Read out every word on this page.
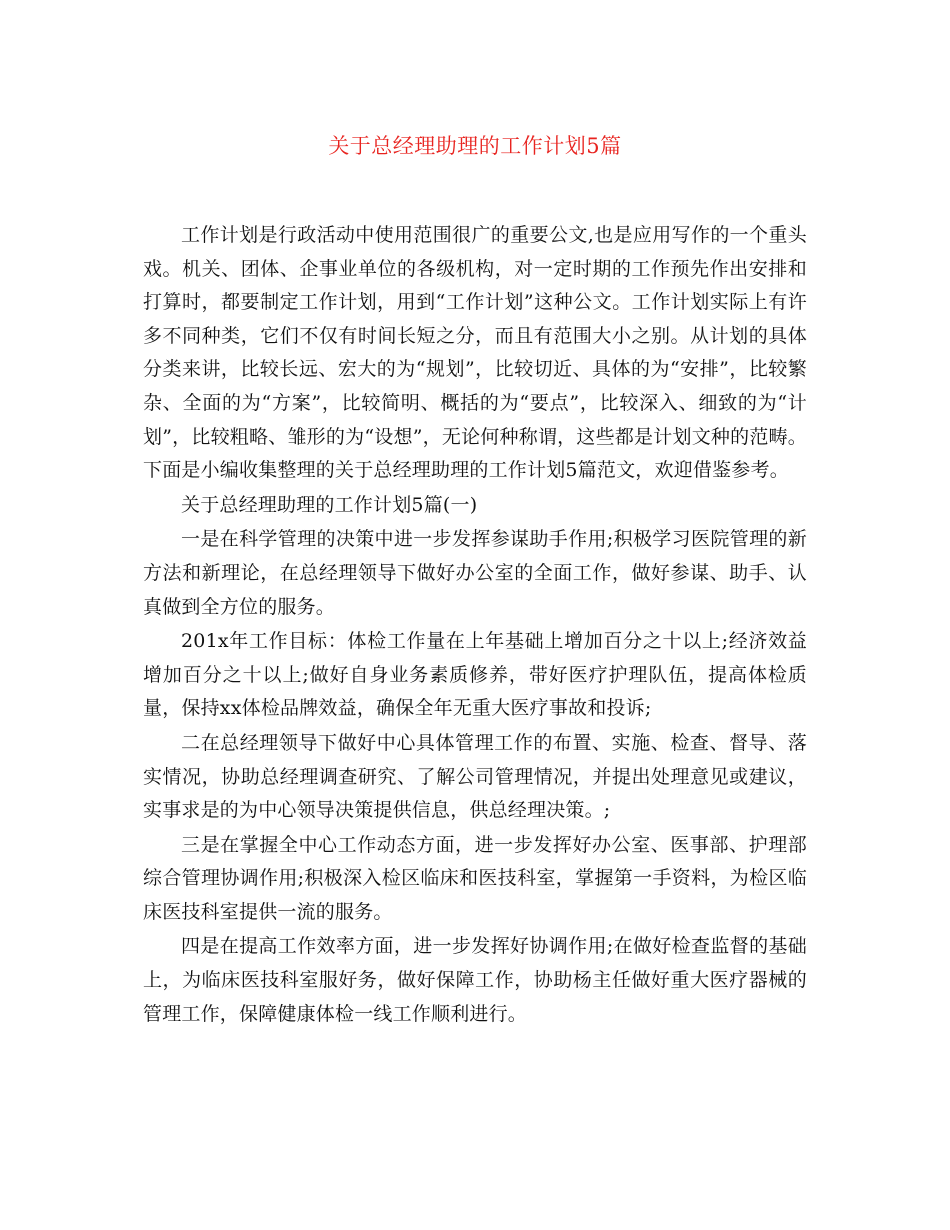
关于总经理助理的工作计划5篇

工作计划是行政活动中使用范围很广的重要公文,也是应用写作的一个重头戏。机关、团体、企事业单位的各级机构，对一定时期的工作预先作出安排和打算时，都要制定工作计划，用到“工作计划”这种公文。工作计划实际上有许多不同种类，它们不仅有时间长短之分，而且有范围大小之别。从计划的具体分类来讲，比较长远、宏大的为“规划”，比较切近、具体的为“安排”，比较繁杂、全面的为“方案”，比较简明、概括的为“要点”，比较深入、细致的为“计划”，比较粗略、雏形的为“设想”，无论何种称谓，这些都是计划文种的范畴。下面是小编收集整理的关于总经理助理的工作计划5篇范文，欢迎借鉴参考。

关于总经理助理的工作计划5篇(一)

一是在科学管理的决策中进一步发挥参谋助手作用;积极学习医院管理的新方法和新理论，在总经理领导下做好办公室的全面工作，做好参谋、助手、认真做到全方位的服务。

201x年工作目标：体检工作量在上年基础上增加百分之十以上;经济效益增加百分之十以上;做好自身业务素质修养，带好医疗护理队伍，提高体检质量，保持xx体检品牌效益，确保全年无重大医疗事故和投诉;

二在总经理领导下做好中心具体管理工作的布置、实施、检查、督导、落实情况，协助总经理调查研究、了解公司管理情况，并提出处理意见或建议，实事求是的为中心领导决策提供信息，供总经理决策。;

三是在掌握全中心工作动态方面，进一步发挥好办公室、医事部、护理部综合管理协调作用;积极深入检区临床和医技科室，掌握第一手资料，为检区临床医技科室提供一流的服务。

四是在提高工作效率方面，进一步发挥好协调作用;在做好检查监督的基础上，为临床医技科室服好务，做好保障工作，协助杨主任做好重大医疗器械的管理工作，保障健康体检一线工作顺利进行。
